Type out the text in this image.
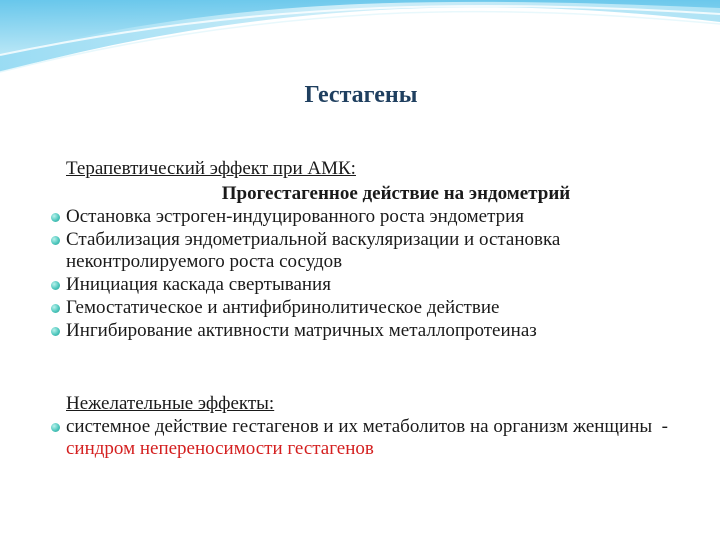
Гестагены

Терапевтический эффект при АМК:

Прогестагенное действие на эндометрий

Остановка эстроген-индуцированного роста эндометрия
Стабилизация эндометриальной васкуляризации и остановка неконтролируемого роста сосудов
Инициация каскада свертывания
Гемостатическое и антифибринолитическое действие
Ингибирование активности матричных металлопротеиназ

Нежелательные эффекты:

системное действие гестагенов и их метаболитов на организм женщины  - синдром непереносимости гестагенов
